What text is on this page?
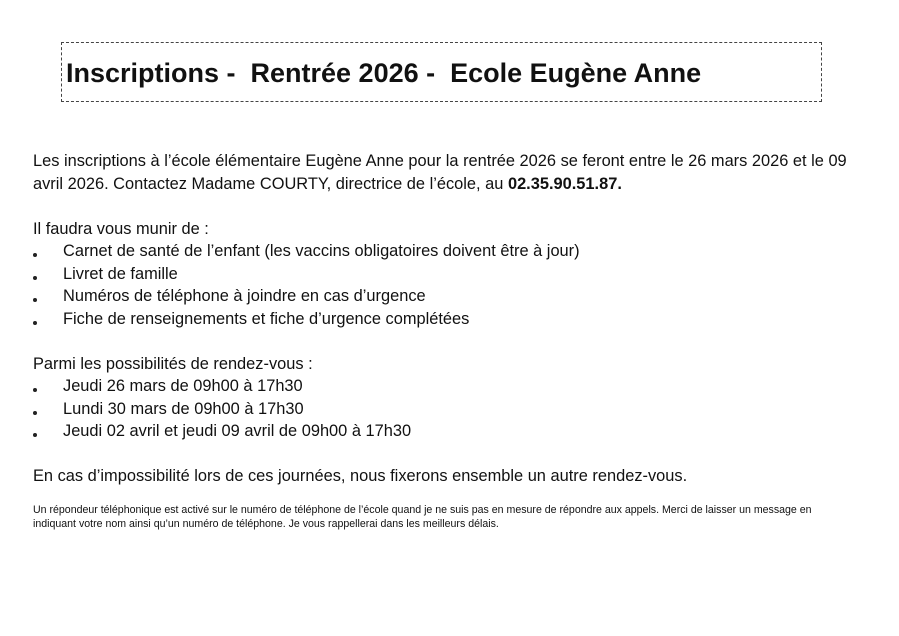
Inscriptions -  Rentrée 2026 -  Ecole Eugène Anne

Les inscriptions à l’école élémentaire Eugène Anne pour la rentrée 2026 se feront entre le 26 mars 2026 et le 09 avril 2026. Contactez Madame COURTY, directrice de l’école, au 02.35.90.51.87.

Il faudra vous munir de :

Carnet de santé de l’enfant (les vaccins obligatoires doivent être à jour)
Livret de famille
Numéros de téléphone à joindre en cas d’urgence
Fiche de renseignements et fiche d’urgence complétées

Parmi les possibilités de rendez-vous :

Jeudi 26 mars de 09h00 à 17h30
Lundi 30 mars de 09h00 à 17h30
Jeudi 02 avril et jeudi 09 avril de 09h00 à 17h30

En cas d’impossibilité lors de ces journées, nous fixerons ensemble un autre rendez-vous.

Un répondeur téléphonique est activé sur le numéro de téléphone de l’école quand je ne suis pas en mesure de répondre aux appels. Merci de laisser un message en indiquant votre nom ainsi qu’un numéro de téléphone. Je vous rappellerai dans les meilleurs délais.
